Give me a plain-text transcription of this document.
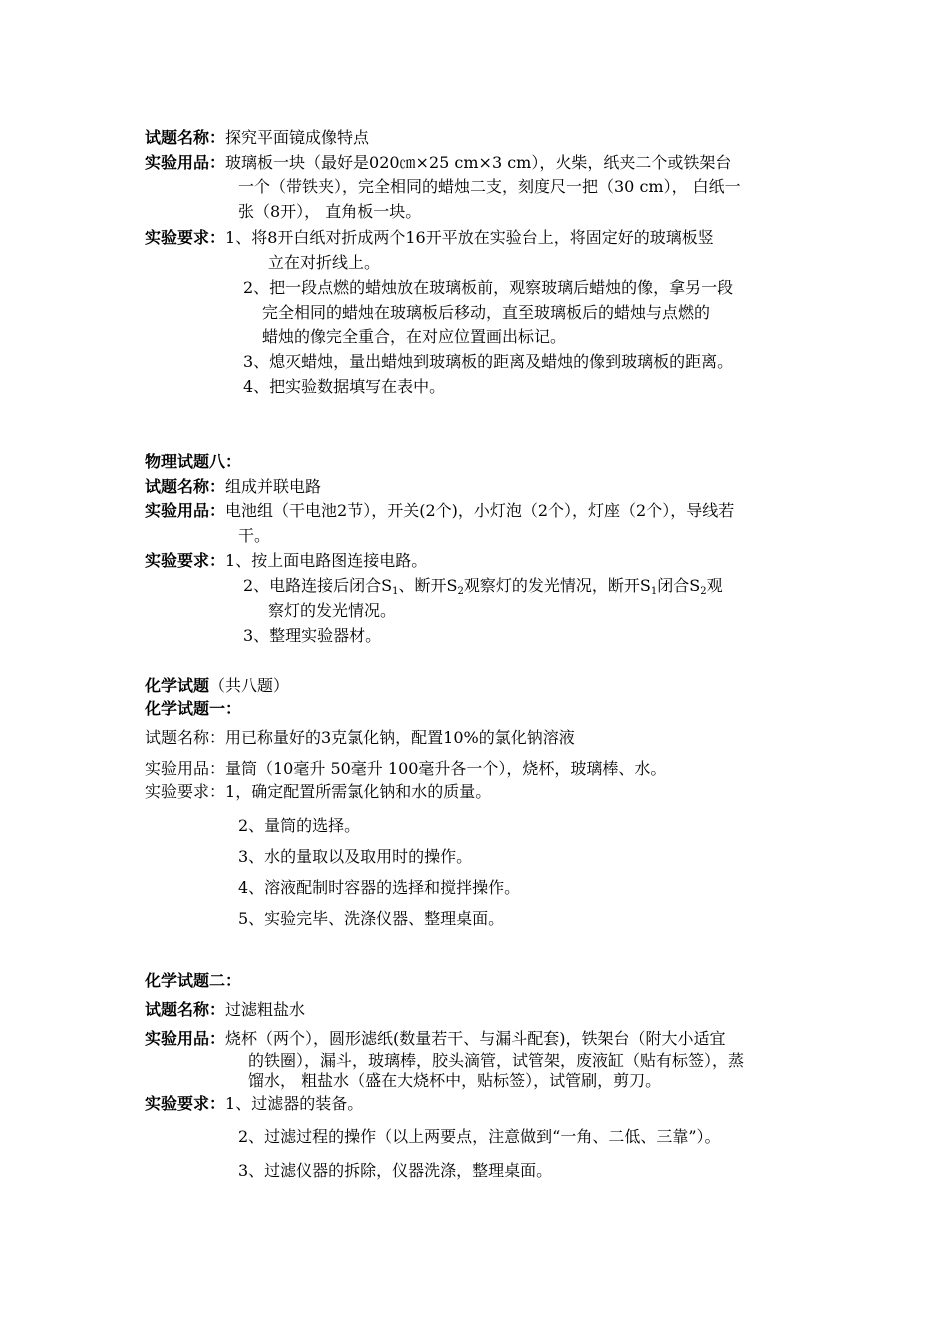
试题名称：探究平面镜成像特点
实验用品：玻璃板一块（最好是020㎝×25 cm×3 cm），火柴，纸夹二个或铁架台
一个（带铁夹），完全相同的蜡烛二支，刻度尺一把（30 cm）， 白纸一
张（8开）， 直角板一块。
实验要求：1、将8开白纸对折成两个16开平放在实验台上，将固定好的玻璃板竖
立在对折线上。
2、把一段点燃的蜡烛放在玻璃板前，观察玻璃后蜡烛的像，拿另一段
完全相同的蜡烛在玻璃板后移动，直至玻璃板后的蜡烛与点燃的
蜡烛的像完全重合，在对应位置画出标记。
3、熄灭蜡烛，量出蜡烛到玻璃板的距离及蜡烛的像到玻璃板的距离。
4、把实验数据填写在表中。
物理试题八：
试题名称：组成并联电路
实验用品：电池组（干电池2节），开关(2个)，小灯泡（2个），灯座（2个），导线若
干。
实验要求：1、按上面电路图连接电路。
2、电路连接后闭合$S_1$、断开$S_2$观察灯的发光情况，断开$S_1$闭合$S_2$观
察灯的发光情况。
3、整理实验器材。
化学试题（共八题）
化学试题一：
试题名称：用已称量好的3克氯化钠，配置10%的氯化钠溶液
实验用品：量筒（10毫升 50毫升 100毫升各一个），烧杯，玻璃棒、水。
实验要求：1，确定配置所需氯化钠和水的质量。
2、量筒的选择。
3、水的量取以及取用时的操作。
4、溶液配制时容器的选择和搅拌操作。
5、实验完毕、洗涤仪器、整理桌面。
化学试题二：
试题名称：过滤粗盐水
实验用品：烧杯（两个），圆形滤纸(数量若干、与漏斗配套)，铁架台（附大小适宜
的铁圈），漏斗，玻璃棒，胶头滴管，试管架，废液缸（贴有标签），蒸
馏水， 粗盐水（盛在大烧杯中，贴标签），试管刷，剪刀。
实验要求：1、过滤器的装备。
2、过滤过程的操作（以上两要点，注意做到“一角、二低、三靠”）。
3、过滤仪器的拆除，仪器洗涤，整理桌面。
